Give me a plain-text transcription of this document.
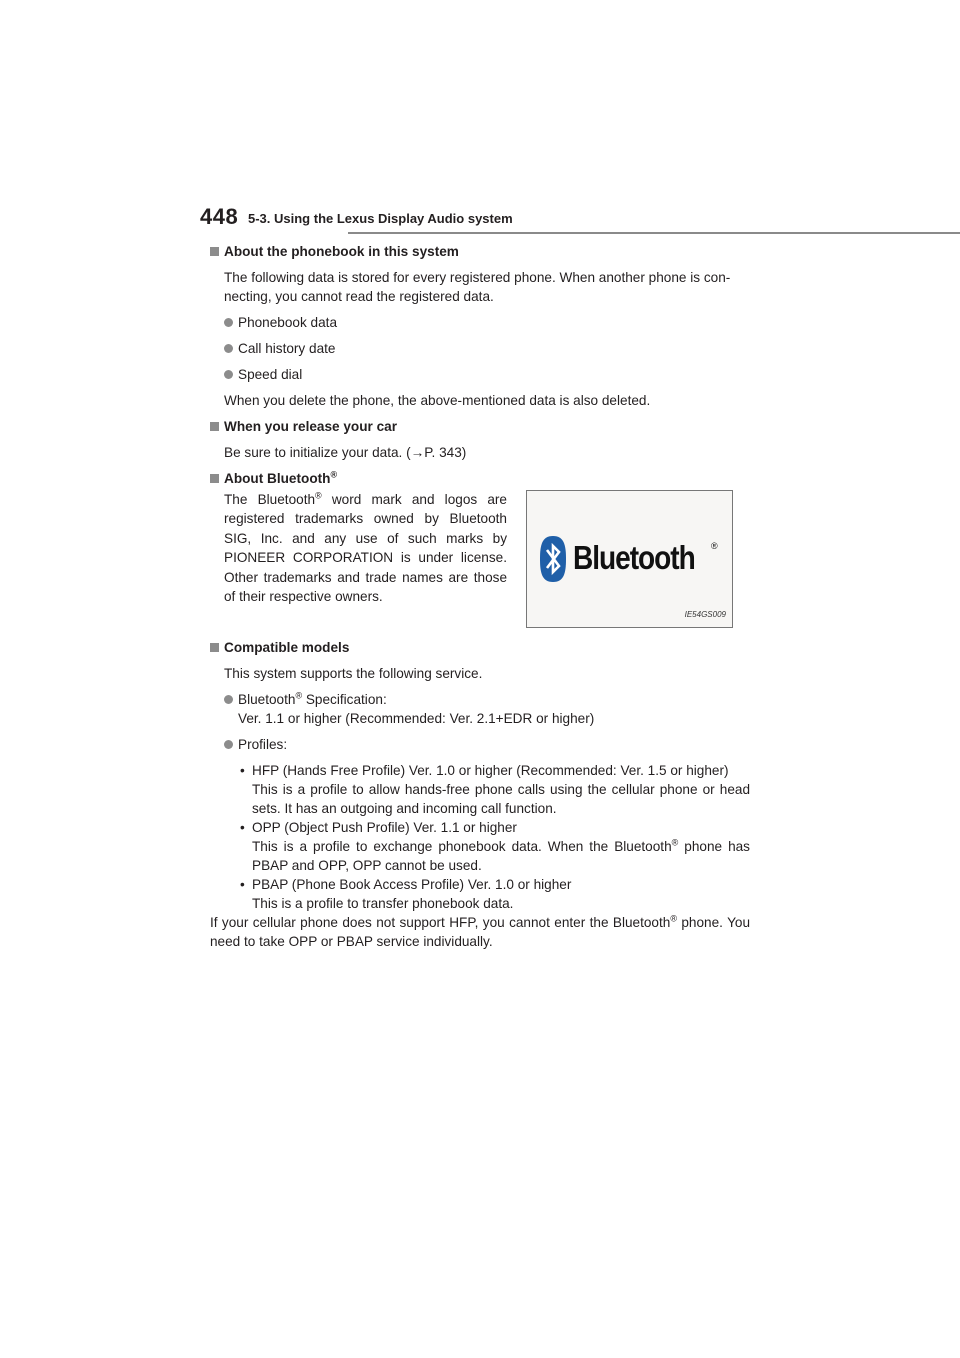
448 5-3. Using the Lexus Display Audio system

About the phonebook in this system

The following data is stored for every registered phone. When another phone is con-necting, you cannot read the registered data.

Phonebook data

Call history date

Speed dial

When you delete the phone, the above-mentioned data is also deleted.

When you release your car

Be sure to initialize your data. (→P. 343)

About Bluetooth®

The Bluetooth® word mark and logos are registered trademarks owned by Bluetooth SIG, Inc. and any use of such marks by PIONEER CORPORATION is under license. Other trademarks and trade names are those of their respective owners.
Bluetooth ®
IE54GS009

Compatible models

This system supports the following service.

Bluetooth® Specification:
Ver. 1.1 or higher (Recommended: Ver. 2.1+EDR or higher)

Profiles:

• HFP (Hands Free Profile) Ver. 1.0 or higher (Recommended: Ver. 1.5 or higher)

This is a profile to allow hands-free phone calls using the cellular phone or head sets. It has an outgoing and incoming call function.

• OPP (Object Push Profile) Ver. 1.1 or higher

This is a profile to exchange phonebook data. When the Bluetooth® phone has PBAP and OPP, OPP cannot be used.

• PBAP (Phone Book Access Profile) Ver. 1.0 or higher

This is a profile to transfer phonebook data.

If your cellular phone does not support HFP, you cannot enter the Bluetooth® phone. You need to take OPP or PBAP service individually.
